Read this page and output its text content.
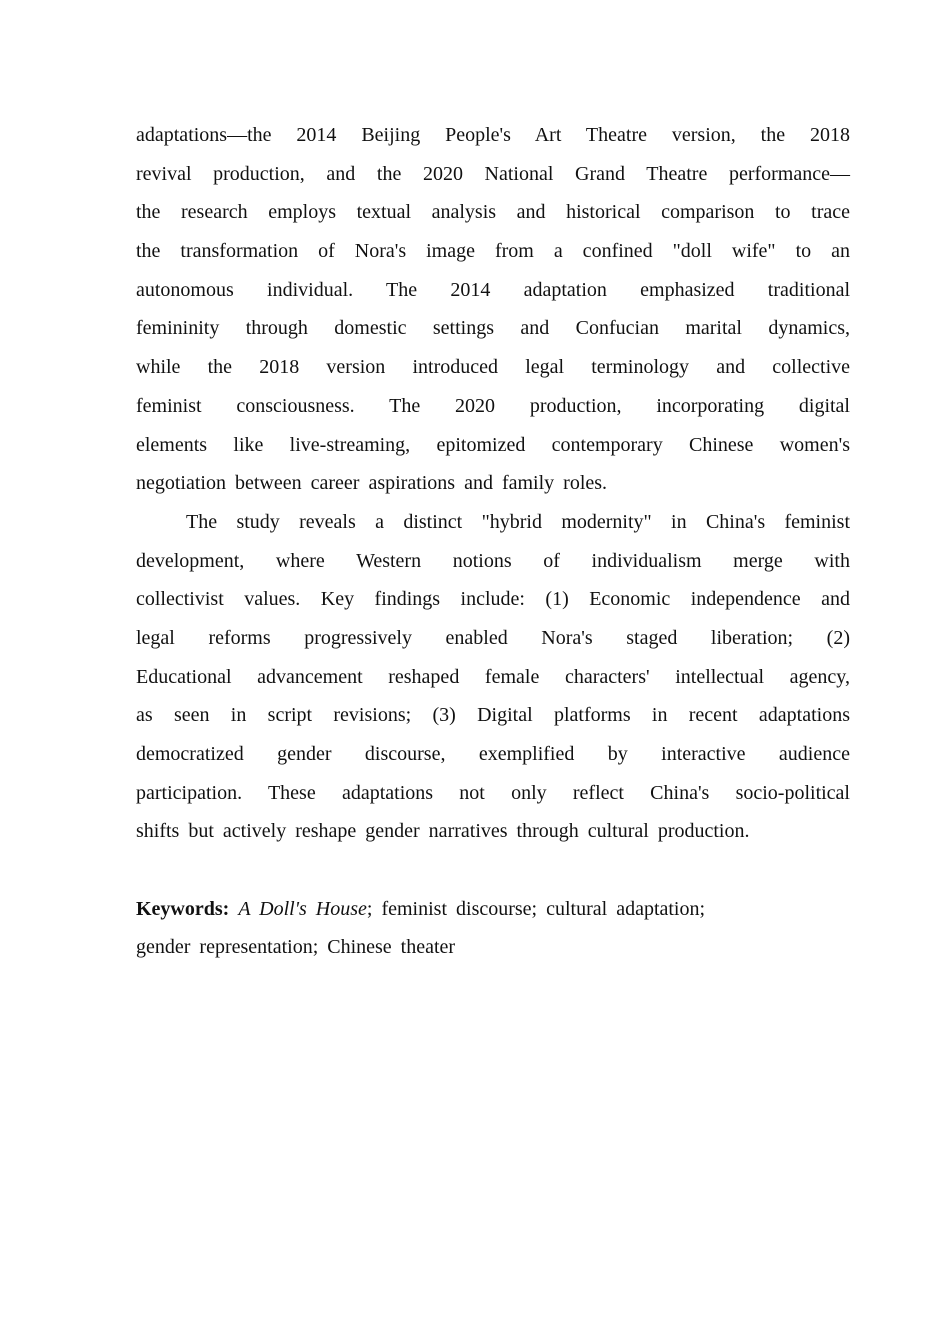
adaptations—the 2014 Beijing People's Art Theatre version, the 2018
revival production, and the 2020 National Grand Theatre performance—
the research employs textual analysis and historical comparison to trace
the transformation of Nora's image from a confined "doll wife" to an
autonomous individual. The 2014 adaptation emphasized traditional
femininity through domestic settings and Confucian marital dynamics,
while the 2018 version introduced legal terminology and collective
feminist consciousness. The 2020 production, incorporating digital
elements like live-streaming, epitomized contemporary Chinese women's
negotiation between career aspirations and family roles.
The study reveals a distinct "hybrid modernity" in China's feminist
development, where Western notions of individualism merge with
collectivist values. Key findings include: (1) Economic independence and
legal reforms progressively enabled Nora's staged liberation; (2)
Educational advancement reshaped female characters' intellectual agency,
as seen in script revisions; (3) Digital platforms in recent adaptations
democratized gender discourse, exemplified by interactive audience
participation. These adaptations not only reflect China's socio-political
shifts but actively reshape gender narratives through cultural production.
Keywords: A Doll's House; feminist discourse; cultural adaptation;
gender representation; Chinese theater
